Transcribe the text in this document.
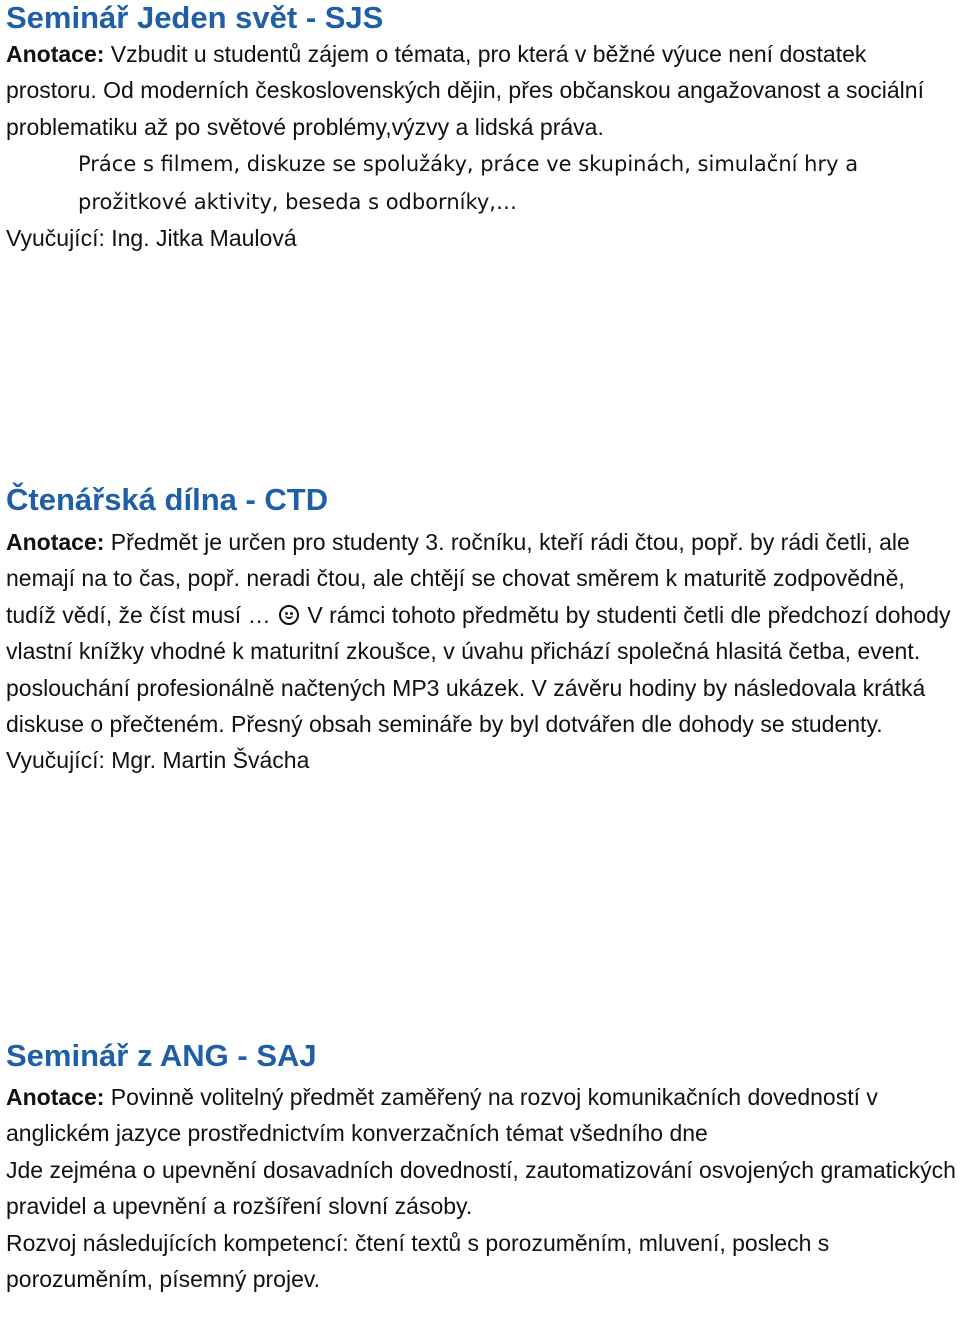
Seminář Jeden svět - SJS

Anotace: Vzbudit u studentů zájem o témata, pro která v běžné výuce není dostatek prostoru. Od moderních československých dějin, přes občanskou angažovanost a sociální problematiku až po světové problémy,výzvy a lidská práva.

Práce s filmem, diskuze se spolužáky, práce ve skupinách, simulační hry a prožitkové aktivity, beseda s odborníky,…

Vyučující: Ing. Jitka Maulová

Čtenářská dílna - CTD

Anotace: Předmět je určen pro studenty 3. ročníku, kteří rádi čtou, popř. by rádi četli, ale nemají na to čas, popř. neradi čtou, ale chtějí se chovat směrem k maturitě zodpovědně, tudíž vědí, že číst musí …
V rámci tohoto předmětu by studenti četli dle předchozí dohody vlastní knížky vhodné k maturitní zkoušce, v úvahu přichází společná hlasitá četba, event. poslouchání profesionálně načtených MP3 ukázek. V závěru hodiny by následovala krátká diskuse o přečteném. Přesný obsah semináře by byl dotvářen dle dohody se studenty.

Vyučující: Mgr. Martin Švácha

Seminář z ANG - SAJ

Anotace: Povinně volitelný předmět zaměřený na rozvoj komunikačních dovedností v anglickém jazyce prostřednictvím konverzačních témat všedního dne

Jde zejména o upevnění dosavadních dovedností, zautomatizování osvojených gramatických pravidel a upevnění a rozšíření slovní zásoby.

Rozvoj následujících kompetencí: čtení textů s porozuměním, mluvení, poslech s porozuměním, písemný projev.
